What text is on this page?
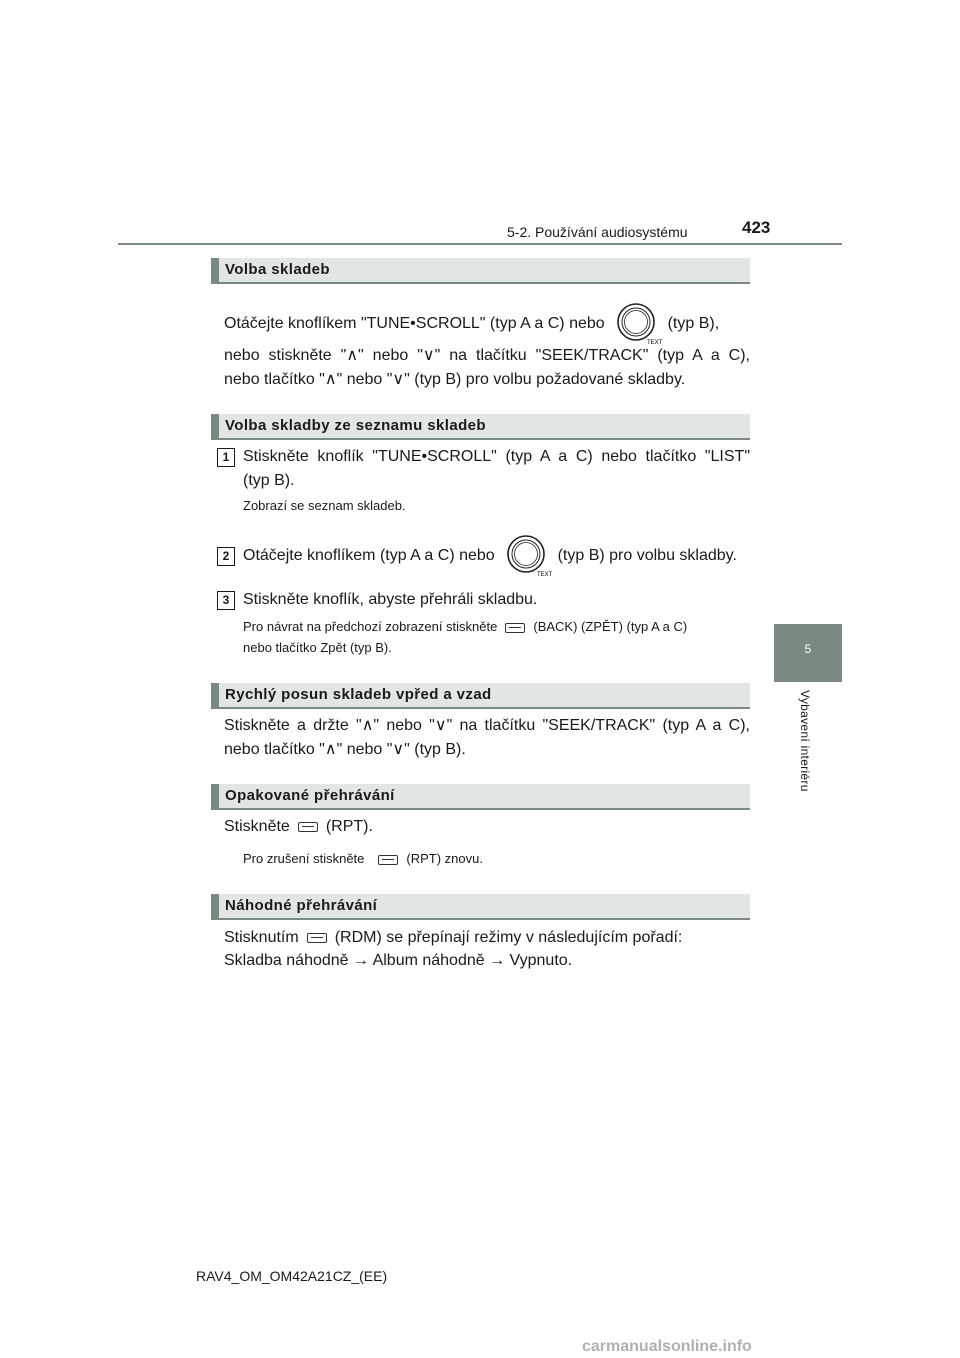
5-2. Používání audiosystému	423
5
Vybavení interiéru
Volba skladeb
Otáčejte knoflíkem "TUNE•SCROLL" (typ A a C) nebo
TEXT
(typ B),
nebo stiskněte "∧" nebo "∨" na tlačítku "SEEK/TRACK" (typ A a C),
nebo tlačítko "∧" nebo "∨" (typ B) pro volbu požadované skladby.
Volba skladby ze seznamu skladeb
1 Stiskněte knoflík "TUNE•SCROLL" (typ A a C) nebo tlačítko "LIST"
(typ B).
Zobrazí se seznam skladeb.
2 Otáčejte knoflíkem (typ A a C) nebo
TEXT
(typ B) pro volbu skladby.
3 Stiskněte knoflík, abyste přehráli skladbu.
Pro návrat na předchozí zobrazení stiskněte	(BACK) (ZPĚT) (typ A a C)
nebo tlačítko Zpět (typ B).
Rychlý posun skladeb vpřed a vzad
Stiskněte a držte "∧" nebo "∨" na tlačítku "SEEK/TRACK" (typ A a C),
nebo tlačítko "∧" nebo "∨" (typ B).
Opakované přehrávání
Stiskněte (RPT).
Pro zrušení stiskněte	(RPT) znovu.
Náhodné přehrávání
Stisknutím (RDM) se přepínají režimy v následujícím pořadí:
Skladba náhodně → Album náhodně → Vypnuto.
RAV4_OM_OM42A21CZ_(EE)
carmanualsonline.info
